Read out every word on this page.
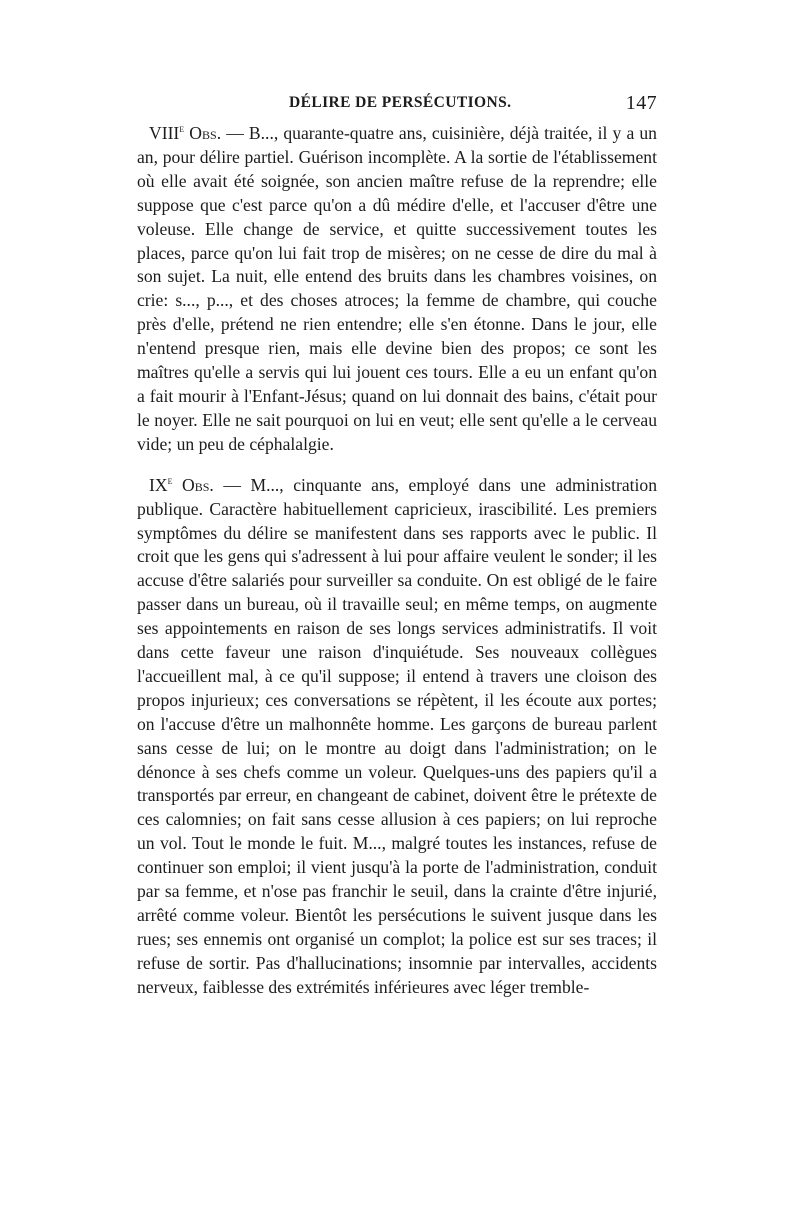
DÉLIRE DE PERSÉCUTIONS.	147

VIIIe Obs. — B..., quarante-quatre ans, cuisinière, déjà traitée, il y a un an, pour délire partiel. Guérison incomplète. A la sortie de l'établissement où elle avait été soignée, son ancien maître refuse de la reprendre; elle suppose que c'est parce qu'on a dû médire d'elle, et l'accuser d'être une voleuse. Elle change de service, et quitte successivement toutes les places, parce qu'on lui fait trop de misères; on ne cesse de dire du mal à son sujet. La nuit, elle entend des bruits dans les chambres voisines, on crie: s..., p..., et des choses atroces; la femme de chambre, qui couche près d'elle, prétend ne rien entendre; elle s'en étonne. Dans le jour, elle n'entend presque rien, mais elle devine bien des propos; ce sont les maîtres qu'elle a servis qui lui jouent ces tours. Elle a eu un enfant qu'on a fait mourir à l'Enfant-Jésus; quand on lui donnait des bains, c'était pour le noyer. Elle ne sait pourquoi on lui en veut; elle sent qu'elle a le cerveau vide; un peu de céphalalgie.

IXe Obs. — M..., cinquante ans, employé dans une administration publique. Caractère habituellement capricieux, irascibilité. Les premiers symptômes du délire se manifestent dans ses rapports avec le public. Il croit que les gens qui s'adressent à lui pour affaire veulent le sonder; il les accuse d'être salariés pour surveiller sa conduite. On est obligé de le faire passer dans un bureau, où il travaille seul; en même temps, on augmente ses appointements en raison de ses longs services administratifs. Il voit dans cette faveur une raison d'inquiétude. Ses nouveaux collègues l'accueillent mal, à ce qu'il suppose; il entend à travers une cloison des propos injurieux; ces conversations se répètent, il les écoute aux portes; on l'accuse d'être un malhonnête homme. Les garçons de bureau parlent sans cesse de lui; on le montre au doigt dans l'administration; on le dénonce à ses chefs comme un voleur. Quelques-uns des papiers qu'il a transportés par erreur, en changeant de cabinet, doivent être le prétexte de ces calomnies; on fait sans cesse allusion à ces papiers; on lui reproche un vol. Tout le monde le fuit. M..., malgré toutes les instances, refuse de continuer son emploi; il vient jusqu'à la porte de l'administration, conduit par sa femme, et n'ose pas franchir le seuil, dans la crainte d'être injurié, arrêté comme voleur. Bientôt les persécutions le suivent jusque dans les rues; ses ennemis ont organisé un complot; la police est sur ses traces; il refuse de sortir. Pas d'hallucinations; insomnie par intervalles, accidents nerveux, faiblesse des extrémités inférieures avec léger tremble-
